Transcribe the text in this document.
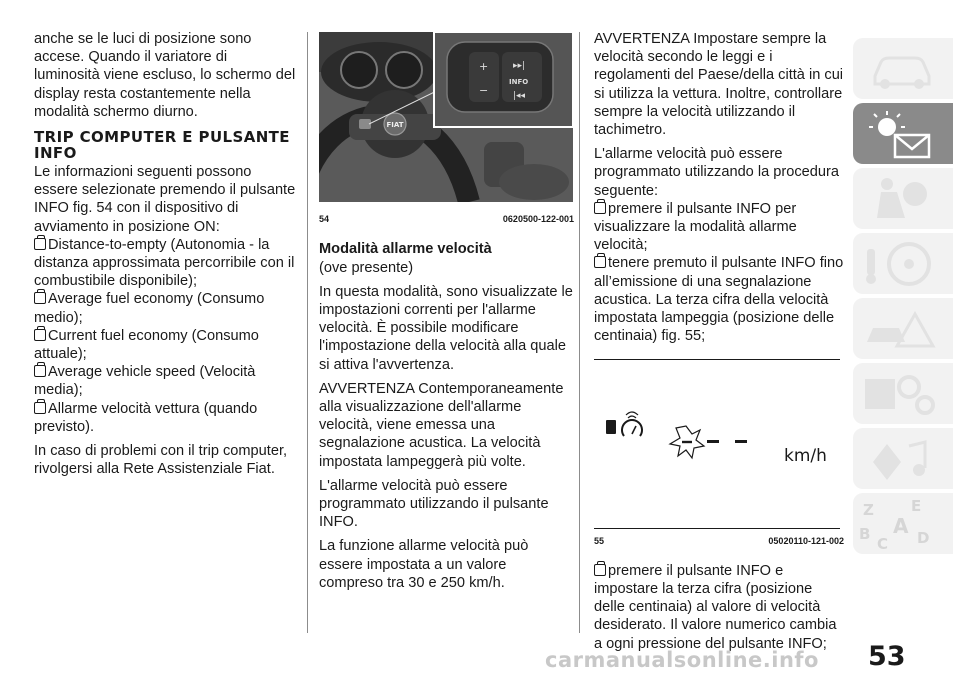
anche se le luci di posizione sono accese. Quando il variatore di luminosità viene escluso, lo schermo del display resta costantemente nella modalità schermo diurno.

TRIP COMPUTER E PULSANTE INFO

Le informazioni seguenti possono essere selezionate premendo il pulsante INFO fig. 54 con il dispositivo di avviamento in posizione ON:

Distance-to-empty (Autonomia - la distanza approssimata percorribile con il combustibile disponibile);
Average fuel economy (Consumo medio);
Current fuel economy (Consumo attuale);
Average vehicle speed (Velocità media);
Allarme velocità vettura (quando previsto).

In caso di problemi con il trip computer, rivolgersi alla Rete Assistenziale Fiat.

FIAT
+
−
▸▸|
INFO
|◂◂
54	0620500-122-001

Modalità allarme velocità

(ove presente)

In questa modalità, sono visualizzate le impostazioni correnti per l'allarme velocità. È possibile modificare l'impostazione della velocità alla quale si attiva l'avvertenza.

AVVERTENZA Contemporaneamente alla visualizzazione dell'allarme velocità, viene emessa una segnalazione acustica. La velocità impostata lampeggerà più volte.

L'allarme velocità può essere programmato utilizzando il pulsante INFO.

La funzione allarme velocità può essere impostata a un valore compreso tra 30 e 250 km/h.

AVVERTENZA Impostare sempre la velocità secondo le leggi e i regolamenti del Paese/della città in cui si utilizza la vettura. Inoltre, controllare sempre la velocità utilizzando il tachimetro.

L'allarme velocità può essere programmato utilizzando la procedura seguente:

premere il pulsante INFO per visualizzare la modalità allarme velocità;
tenere premuto il pulsante INFO fino all’emissione di una segnalazione acustica. La terza cifra della velocità impostata lampeggia (posizione delle centinaia) fig. 55;
km/h
55	05020110-121-002
premere il pulsante INFO e impostare la terza cifra (posizione delle centinaia) al valore di velocità desiderato. Il valore numerico cambia a ogni pressione del pulsante INFO;
Z E
B A
C D
carmanualsonline.info 53
